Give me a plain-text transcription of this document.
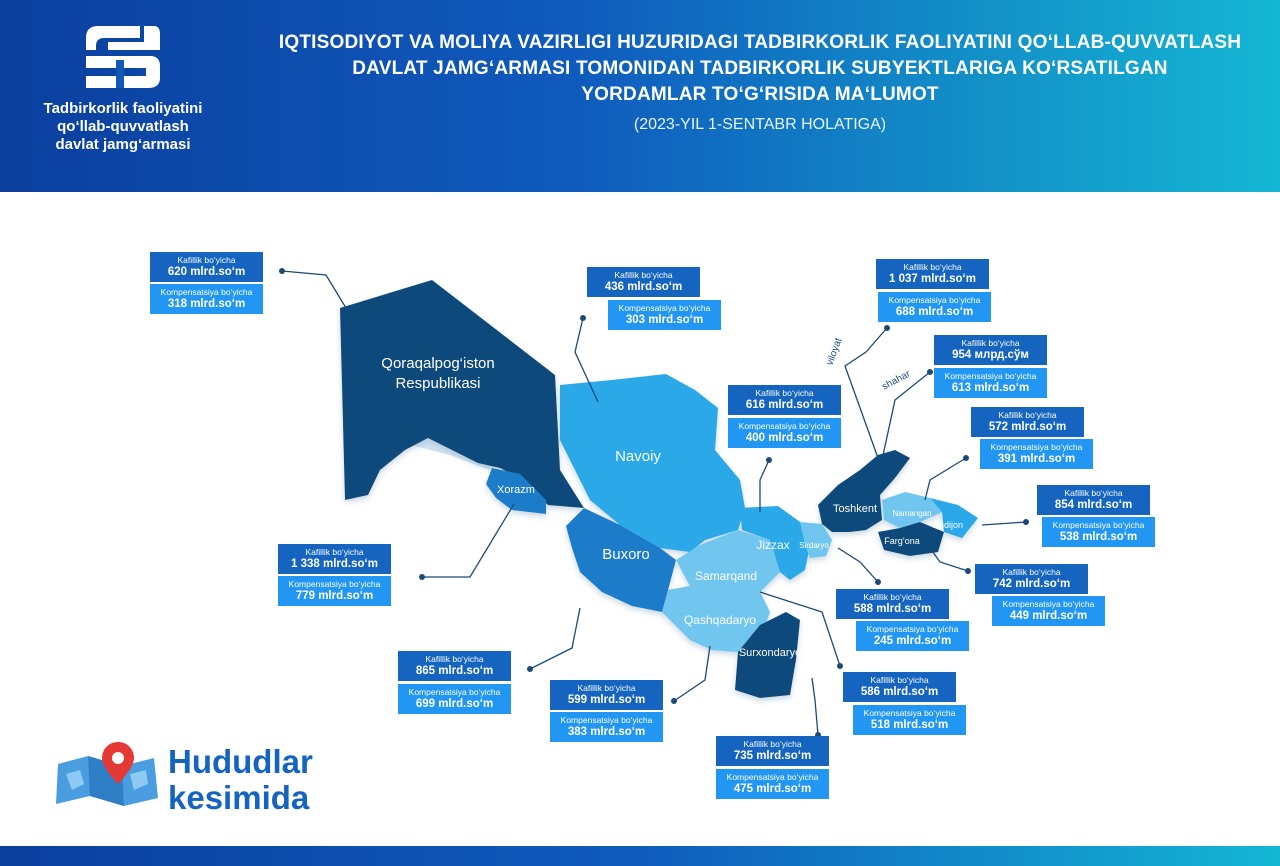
Tadbirkorlik faoliyatini
qo‘llab-quvvatlash
davlat jamg‘armasi
IQTISODIYOT VA MOLIYA VAZIRLIGI HUZURIDAGI TADBIRKORLIK FAOLIYATINI QO‘LLAB-QUVVATLASH
DAVLAT JAMG‘ARMASI TOMONIDAN TADBIRKORLIK SUBYEKTLARIGA KO‘RSATILGAN
YORDAMLAR TO‘G‘RISIDA MA‘LUMOT
(2023-YIL 1-SENTABR HOLATIGA)
Qoraqalpog‘iston
Respublikasi
Xorazm
Navoiy
Buxoro
Samarqand
Jizzax Sirdaryo
Toshkent Namangan
Andijon
Farg‘ona
Qashqadaryo
Surxondaryo
viloyat
shahar
Kafillik bo‘yicha
620 mlrd.so‘m
Kompensatsiya bo‘yicha
318 mlrd.so‘m
Kafillik bo‘yicha
436 mlrd.so‘m
Kompensatsiya bo‘yicha
303 mlrd.so‘m
Kafillik bo‘yicha
1 037 mlrd.so‘m
Kompensatsiya bo‘yicha
688 mlrd.so‘m
Kafillik bo‘yicha
954 млрд.сўм
Kompensatsiya bo‘yicha
613 mlrd.so‘m
Kafillik bo‘yicha
616 mlrd.so‘m
Kompensatsiya bo‘yicha
400 mlrd.so‘m
Kafillik bo‘yicha
572 mlrd.so‘m
Kompensatsiya bo‘yicha
391 mlrd.so‘m
Kafillik bo‘yicha
854 mlrd.so‘m
Kompensatsiya bo‘yicha
538 mlrd.so‘m
Kafillik bo‘yicha
1 338 mlrd.so‘m
Kompensatsiya bo‘yicha
779 mlrd.so‘m
Kafillik bo‘yicha
742 mlrd.so‘m
Kompensatsiya bo‘yicha
449 mlrd.so‘m
Kafillik bo‘yicha
588 mlrd.so‘m
Kompensatsiya bo‘yicha
245 mlrd.so‘m
Kafillik bo‘yicha
865 mlrd.so‘m
Kompensatsiya bo‘yicha
699 mlrd.so‘m
Kafillik bo‘yicha
599 mlrd.so‘m
Kompensatsiya bo‘yicha
383 mlrd.so‘m
Kafillik bo‘yicha
586 mlrd.so‘m
Kompensatsiya bo‘yicha
518 mlrd.so‘m
Kafillik bo‘yicha
735 mlrd.so‘m
Kompensatsiya bo‘yicha
475 mlrd.so‘m
Hududlar
kesimida
